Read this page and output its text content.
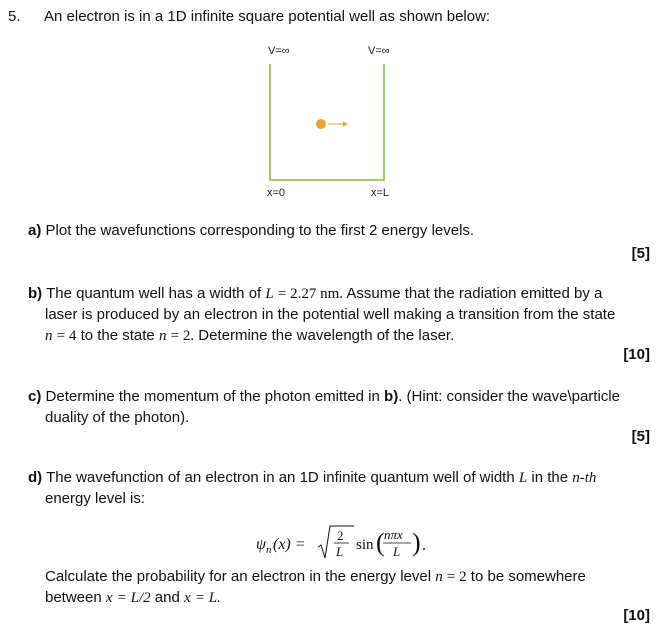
5. An electron is in a 1D infinite square potential well as shown below:
V=∞	V=∞
x=0	x=L
a) Plot the wavefunctions corresponding to the first 2 energy levels.
[5]
b) The quantum well has a width of L = 2.27 nm. Assume that the radiation emitted by a
laser is produced by an electron in the potential well making a transition from the state
n = 4 to the state n = 2. Determine the wavelength of the laser.
[10]
c) Determine the momentum of the photon emitted in b). (Hint: consider the wave\particle
duality of the photon).
[5]
d) The wavefunction of an electron in an 1D infinite quantum well of width L in the n-th
energy level is:
ψ n (x) =
2
L sin ( nπx
L ) .
Calculate the probability for an electron in the energy level n = 2 to be somewhere
between x = L/2 and x = L.
[10]
